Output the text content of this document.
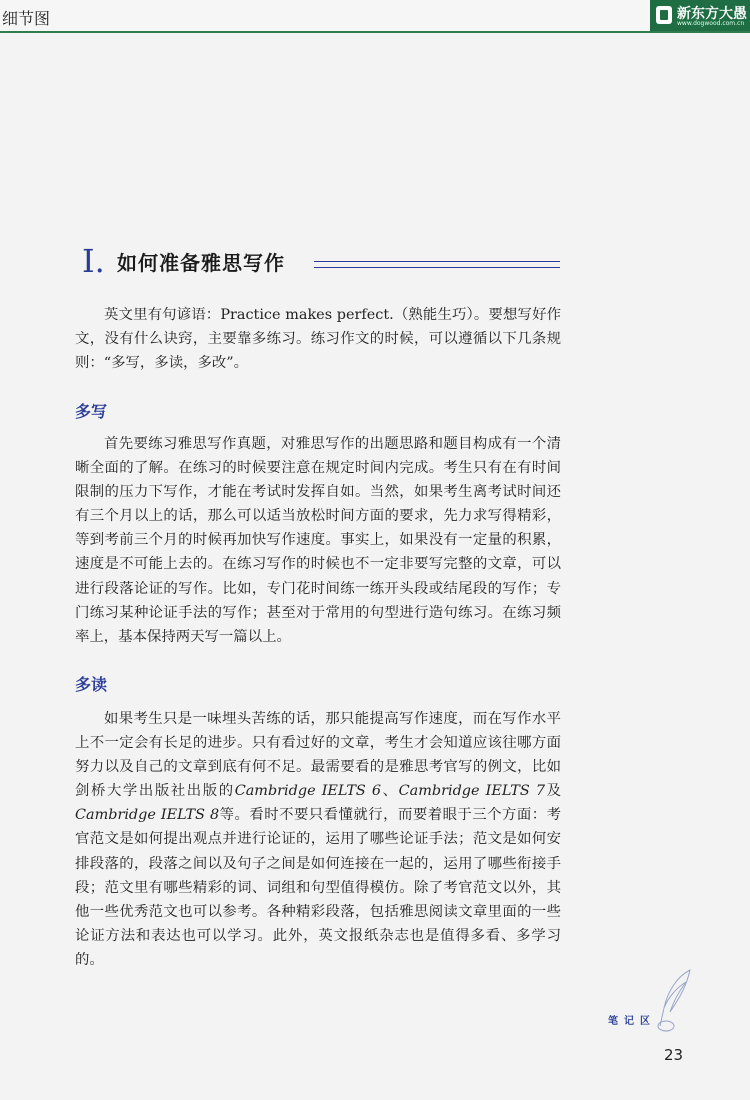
细节图	新东方大愚
www.dogwood.com.cn
I. 如何准备雅思写作

英文里有句谚语：Practice makes perfect.（熟能生巧）。要想写好作文，没有什么诀窍，主要靠多练习。练习作文的时候，可以遵循以下几条规则：“多写，多读，多改”。

多写

首先要练习雅思写作真题，对雅思写作的出题思路和题目构成有一个清晰全面的了解。在练习的时候要注意在规定时间内完成。考生只有在有时间限制的压力下写作，才能在考试时发挥自如。当然，如果考生离考试时间还有三个月以上的话，那么可以适当放松时间方面的要求，先力求写得精彩，等到考前三个月的时候再加快写作速度。事实上，如果没有一定量的积累，速度是不可能上去的。在练习写作的时候也不一定非要写完整的文章，可以进行段落论证的写作。比如，专门花时间练一练开头段或结尾段的写作；专门练习某种论证手法的写作；甚至对于常用的句型进行造句练习。在练习频率上，基本保持两天写一篇以上。

多读

如果考生只是一味埋头苦练的话，那只能提高写作速度，而在写作水平上不一定会有长足的进步。只有看过好的文章，考生才会知道应该往哪方面努力以及自己的文章到底有何不足。最需要看的是雅思考官写的例文，比如剑桥大学出版社出版的Cambridge IELTS 6、Cambridge IELTS 7及Cambridge IELTS 8等。看时不要只看懂就行，而要着眼于三个方面：考官范文是如何提出观点并进行论证的，运用了哪些论证手法；范文是如何安排段落的，段落之间以及句子之间是如何连接在一起的，运用了哪些衔接手段；范文里有哪些精彩的词、词组和句型值得模仿。除了考官范文以外，其他一些优秀范文也可以参考。各种精彩段落，包括雅思阅读文章里面的一些论证方法和表达也可以学习。此外，英文报纸杂志也是值得多看、多学习的。

笔记区
23
